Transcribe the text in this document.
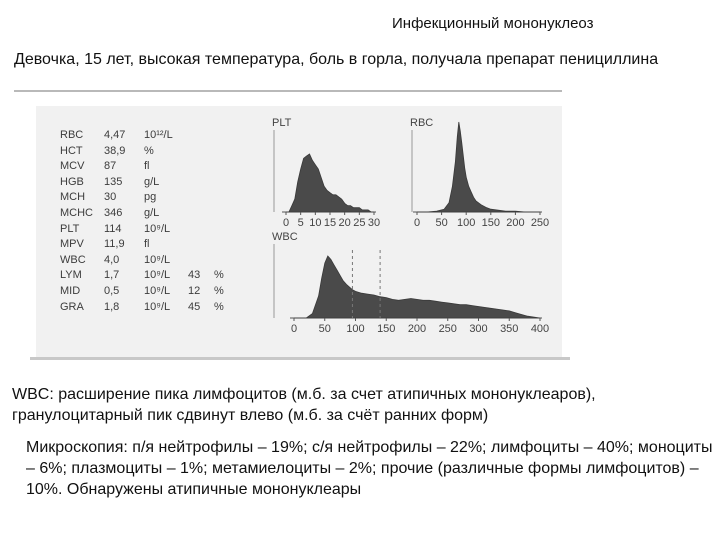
Инфекционный мононуклеоз
Девочка, 15 лет, высокая температура, боль в горла, получала препарат пенициллина
RBC	4,47	10¹²/L		
HCT	38,9	%		
MCV	87	fl		
HGB	135	g/L		
MCH	30	pg		
MCHC	346	g/L		
PLT	114	10⁹/L		
MPV	11,9	fl		
WBC	4,0	10⁹/L		
LYM	1,7	10⁹/L	43	%
MID	0,5	10⁹/L	12	%
GRA	1,8	10⁹/L	45	%
PLT
0 5 10 15 20 25 30
RBC
0 50 100 150 200 250
WBC
0 50 100 150 200 250 300 350 400
WBC: расширение пика лимфоцитов (м.б. за счет атипичных мононуклеаров), гранулоцитарный пик сдвинут влево (м.б. за счёт ранних форм)
Микроскопия: п/я нейтрофилы – 19%; с/я нейтрофилы – 22%; лимфоциты – 40%; моноциты – 6%; плазмоциты – 1%; метамиелоциты – 2%; прочие (различные формы лимфоцитов) – 10%. Обнаружены атипичные мононуклеары
